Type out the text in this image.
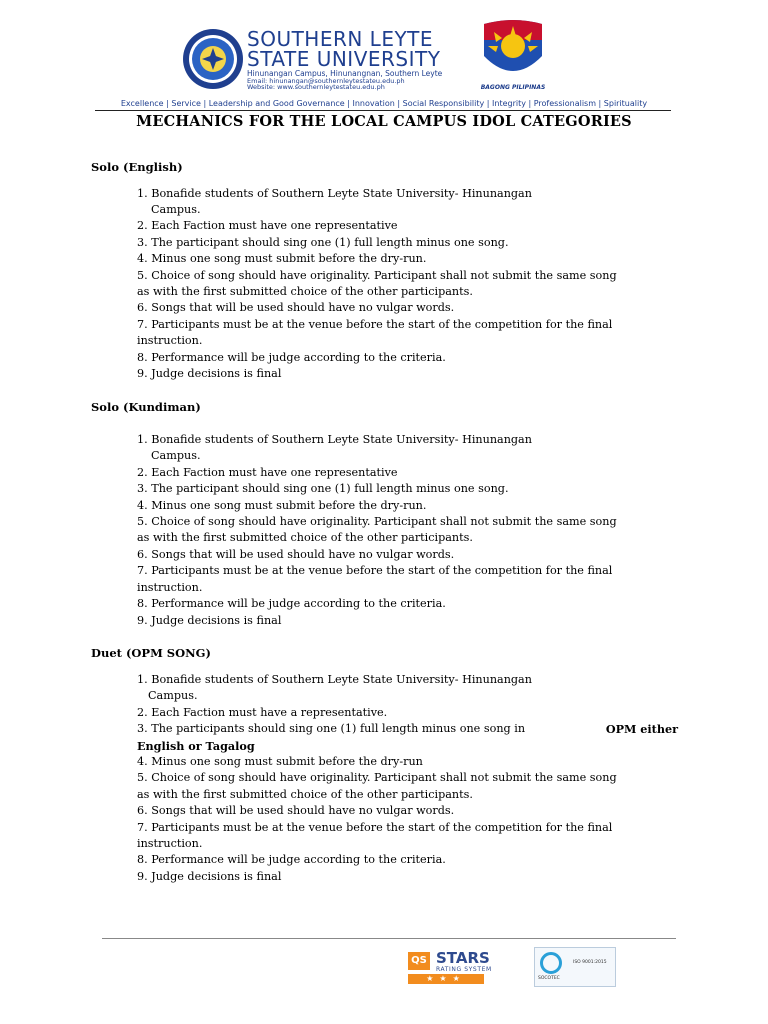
SOUTHERN LEYTE
STATE UNIVERSITY
Hinunangan Campus, Hinunangnan, Southern Leyte
Email: hinunangan@southernleytestateu.edu.ph
Website: www.southernleytestateu.edu.ph	BAGONG PILIPINAS
Excellence | Service | Leadership and Good Governance | Innovation | Social Responsibility | Integrity | Professionalism | Spirituality
MECHANICS FOR THE LOCAL CAMPUS IDOL CATEGORIES
Solo (English)
1. Bonafide students of Southern Leyte State University- Hinunangan
Campus.
2. Each Faction must have one representative
3. The participant should sing one (1) full length minus one song.
4. Minus one song must submit before the dry-run.
5. Choice of song should have originality. Participant shall not submit the same song
as with the first submitted choice of the other participants.
6. Songs that will be used should have no vulgar words.
7. Participants must be at the venue before the start of the competition for the final
instruction.
8. Performance will be judge according to the criteria.
9. Judge decisions is final
Solo (Kundiman)
1. Bonafide students of Southern Leyte State University- Hinunangan
Campus.
2. Each Faction must have one representative
3. The participant should sing one (1) full length minus one song.
4. Minus one song must submit before the dry-run.
5. Choice of song should have originality. Participant shall not submit the same song
as with the first submitted choice of the other participants.
6. Songs that will be used should have no vulgar words.
7. Participants must be at the venue before the start of the competition for the final
instruction.
8. Performance will be judge according to the criteria.
9. Judge decisions is final
Duet (OPM SONG)
1. Bonafide students of Southern Leyte State University- Hinunangan
Campus.
2. Each Faction must have a representative.
3. The participants should sing one (1) full length minus one song in	OPM either
English or Tagalog
4. Minus one song must submit before the dry-run
5. Choice of song should have originality. Participant shall not submit the same song
as with the first submitted choice of the other participants.
6. Songs that will be used should have no vulgar words.
7. Participants must be at the venue before the start of the competition for the final
instruction.
8. Performance will be judge according to the criteria.
9. Judge decisions is final
QS STARS
RATING SYSTEM
★★★	SOCOTEC
ISO 9001:2015
